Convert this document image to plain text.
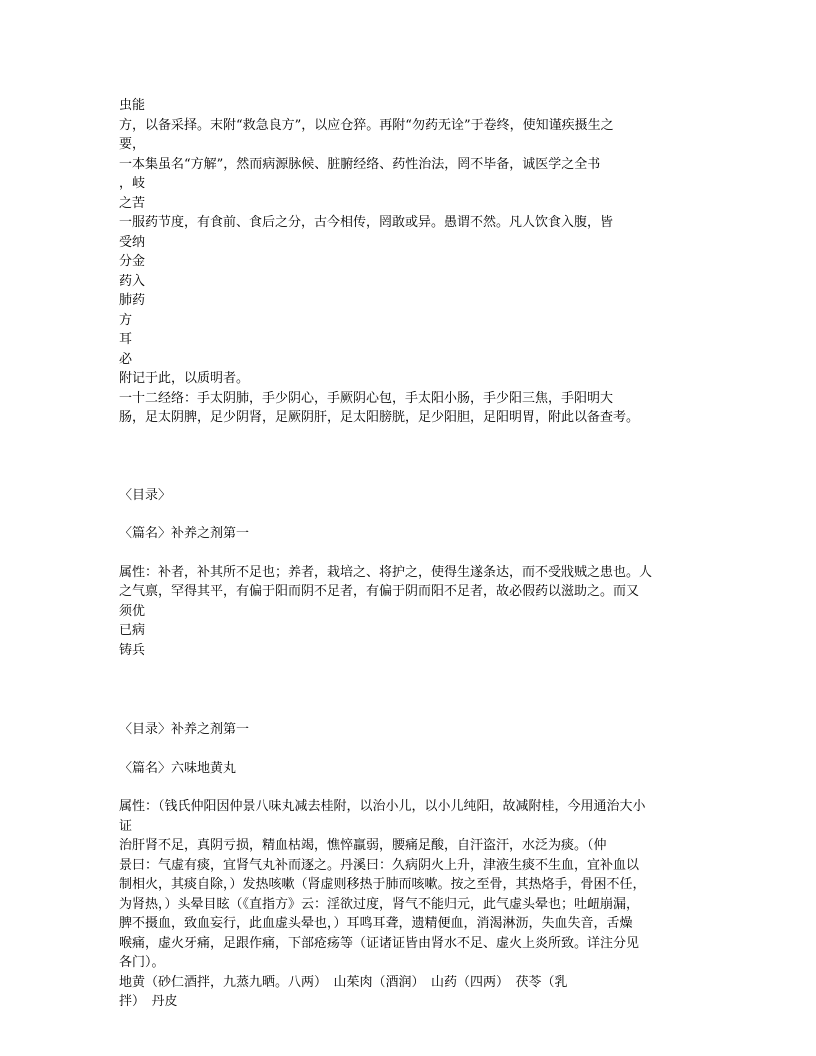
虫能
方，以备采择。末附“救急良方”，以应仓猝。再附“勿药无诠”于卷终，使知谨疾摄生之
要，
一本集虽名“方解”，然而病源脉候、脏腑经络、药性治法，罔不毕备，诚医学之全书
，岐
之苦
一服药节度，有食前、食后之分，古今相传，罔敢或异。愚谓不然。凡人饮食入腹，皆
受纳
分金
药入
肺药
方
耳
必
附记于此，以质明者。
一十二经络：手太阴肺，手少阴心，手厥阴心包，手太阳小肠，手少阳三焦，手阳明大
肠，足太阴脾，足少阴肾，足厥阴肝，足太阳膀胱，足少阳胆，足阳明胃，附此以备查考。
〈目录〉
〈篇名〉补养之剂第一
属性：补者，补其所不足也；养者，栽培之、将护之，使得生遂条达，而不受戕贼之患也。人
之气禀，罕得其平，有偏于阳而阴不足者，有偏于阴而阳不足者，故必假药以滋助之。而又
须优
已病
铸兵
〈目录〉补养之剂第一
〈篇名〉六味地黄丸
属性：（钱氏仲阳因仲景八味丸减去桂附，以治小儿，以小儿纯阳，故减附桂，今用通治大小
证
治肝肾不足，真阴亏损，精血枯竭，憔悴羸弱，腰痛足酸，自汗盗汗，水泛为痰。（仲
景曰：气虚有痰，宜肾气丸补而逐之。丹溪曰：久病阴火上升，津液生痰不生血，宜补血以
制相火，其痰自除，）发热咳嗽（肾虚则移热于肺而咳嗽。按之至骨，其热烙手，骨困不任，
为肾热，）头晕目眩（《直指方》云：淫欲过度，肾气不能归元，此气虚头晕也；吐衄崩漏，
脾不摄血，致血妄行，此血虚头晕也，）耳鸣耳聋，遗精便血，消渴淋沥，失血失音，舌燥
喉痛，虚火牙痛，足跟作痛，下部疮疡等（证诸证皆由肾水不足、虚火上炎所致。详注分见
各门）。
地黄（砂仁酒拌，九蒸九晒。八两）　山茱肉（酒润）　山药（四两）　茯苓（乳
拌）　丹皮
